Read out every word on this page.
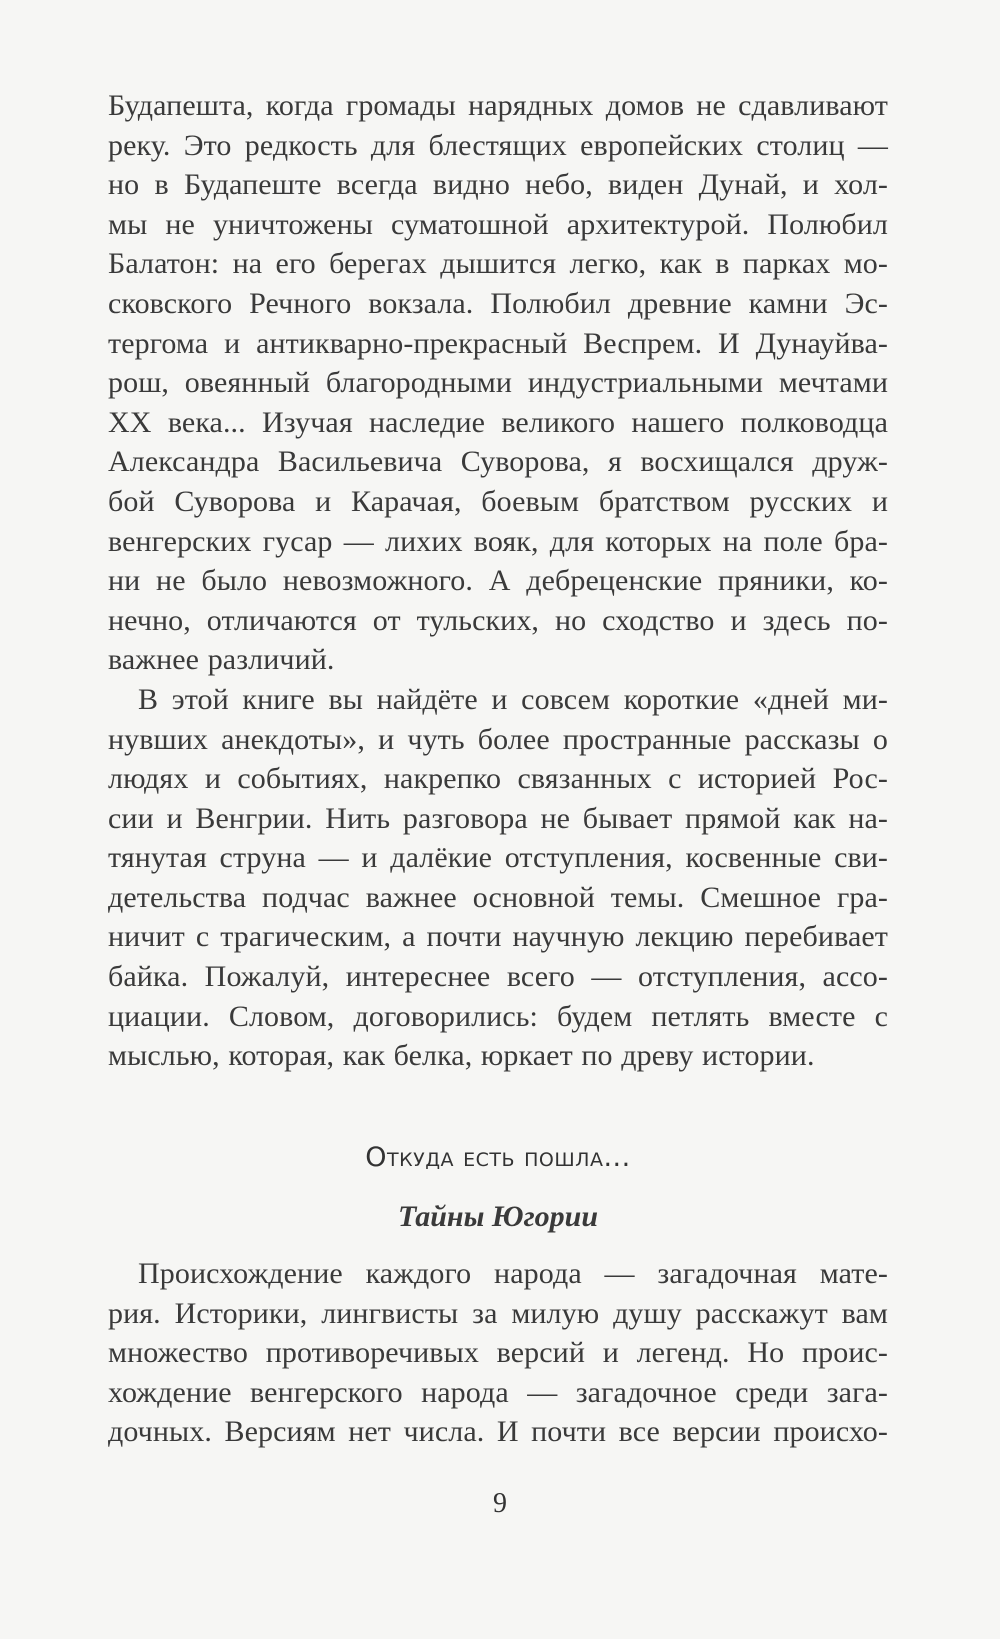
Будапешта, когда громады нарядных домов не сдавливают
реку. Это редкость для блестящих европейских столиц —
но в Будапеште всегда видно небо, виден Дунай, и хол-
мы не уничтожены суматошной архитектурой. Полюбил
Балатон: на его берегах дышится легко, как в парках мо-
сковского Речного вокзала. Полюбил древние камни Эс-
тергома и антикварно-прекрасный Веспрем. И Дунауйва-
рош, овеянный благородными индустриальными мечтами
XX века... Изучая наследие великого нашего полководца
Александра Васильевича Суворова, я восхищался друж-
бой Суворова и Карачая, боевым братством русских и
венгерских гусар — лихих вояк, для которых на поле бра-
ни не было невозможного. А дебреценские пряники, ко-
нечно, отличаются от тульских, но сходство и здесь по-
важнее различий.

В этой книге вы найдёте и совсем короткие «дней ми-
нувших анекдоты», и чуть более пространные рассказы о
людях и событиях, накрепко связанных с историей Рос-
сии и Венгрии. Нить разговора не бывает прямой как на-
тянутая струна — и далёкие отступления, косвенные сви-
детельства подчас важнее основной темы. Смешное гра-
ничит с трагическим, а почти научную лекцию перебивает
байка. Пожалуй, интереснее всего — отступления, ассо-
циации. Словом, договорились: будем петлять вместе с
мыслью, которая, как белка, юркает по древу истории.

Откуда есть пошла...
Тайны Югории

Происхождение каждого народа — загадочная мате-
рия. Историки, лингвисты за милую душу расскажут вам
множество противоречивых версий и легенд. Но проис-
хождение венгерского народа — загадочное среди зага-
дочных. Версиям нет числа. И почти все версии происхо-

9
